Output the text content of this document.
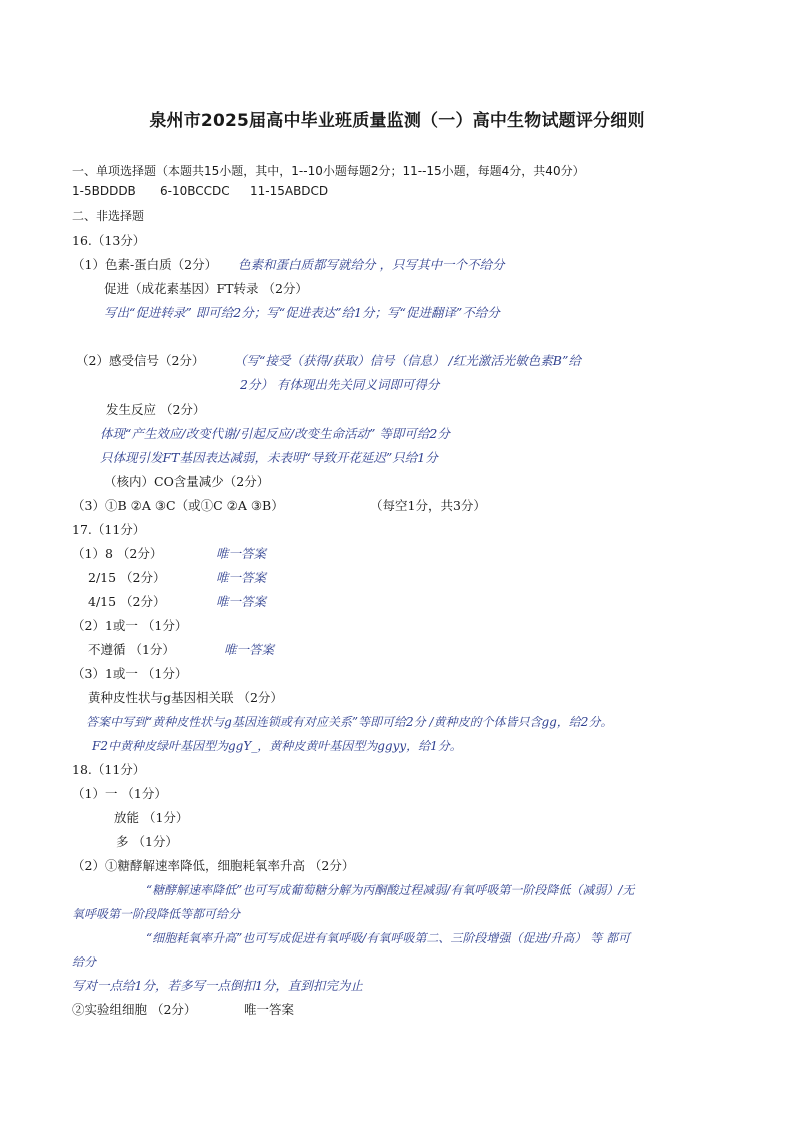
泉州市2025届高中毕业班质量监测（一）高中生物试题评分细则
一、单项选择题（本题共15小题，其中，1--10小题每题2分；11--15小题，每题4分，共40分）
1-5BDDDB 6-10BCCDC 11-15ABDCD
二、非选择题
16.（13分）
（1）色素-蛋白质（2分） 色素和蛋白质都写就给分 ，只写其中一个不给分
促进（成花素基因）FT转录 （2分）
写出“促进转录” 即可给2分；写“促进表达”给1分；写“促进翻译”不给分
（2）感受信号（2分） （写“接受（获得/获取）信号（信息） /红光激活光敏色素B”给
2分） 有体现出先关同义词即可得分
发生反应 （2分）
体现“产生效应/改变代谢/引起反应/改变生命活动” 等即可给2分
只体现引发FT基因表达减弱，未表明“导致开花延迟”只给1分
（核内）CO含量减少（2分）
（3）①B ②A ③C（或①C ②A ③B）	（每空1分，共3分）
17.（11分）
（1）8 （2分）	唯一答案
2/15 （2分）	唯一答案
4/15 （2分）	唯一答案
（2）1或一 （1分）
不遵循 （1分）	唯一答案
（3）1或一 （1分）
黄种皮性状与g基因相关联 （2分）
答案中写到“黄种皮性状与g基因连锁或有对应关系”等即可给2分 /黄种皮的个体皆只含gg，给2分。
F2中黄种皮绿叶基因型为ggY_，黄种皮黄叶基因型为ggyy，给1分。
18.（11分）
（1）一 （1分）
放能 （1分）
多 （1分）
（2）①糖酵解速率降低，细胞耗氧率升高 （2分）
“糖酵解速率降低”也可写成葡萄糖分解为丙酮酸过程减弱/有氧呼吸第一阶段降低（减弱）/无
氧呼吸第一阶段降低等都可给分
“细胞耗氧率升高”也可写成促进有氧呼吸/有氧呼吸第二、三阶段增强（促进/升高） 等 都可
给分
写对一点给1分，若多写一点倒扣1分，直到扣完为止
②实验组细胞 （2分）	唯一答案
